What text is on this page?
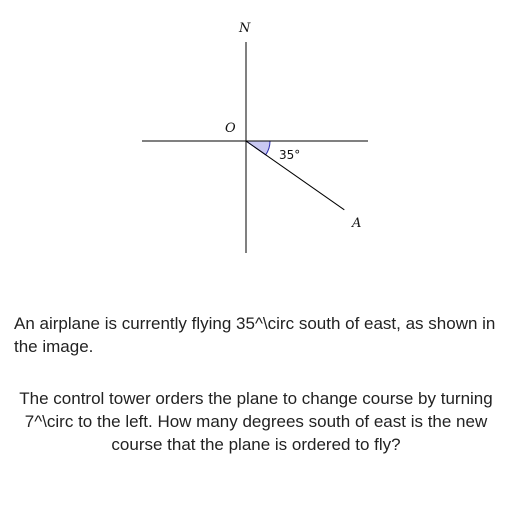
N
O
A
35°

An airplane is currently flying 35^\circ south of east, as shown in the image.

The control tower orders the plane to change course by turning 7^\circ to the left. How many degrees south of east is the new course that the plane is ordered to fly?
